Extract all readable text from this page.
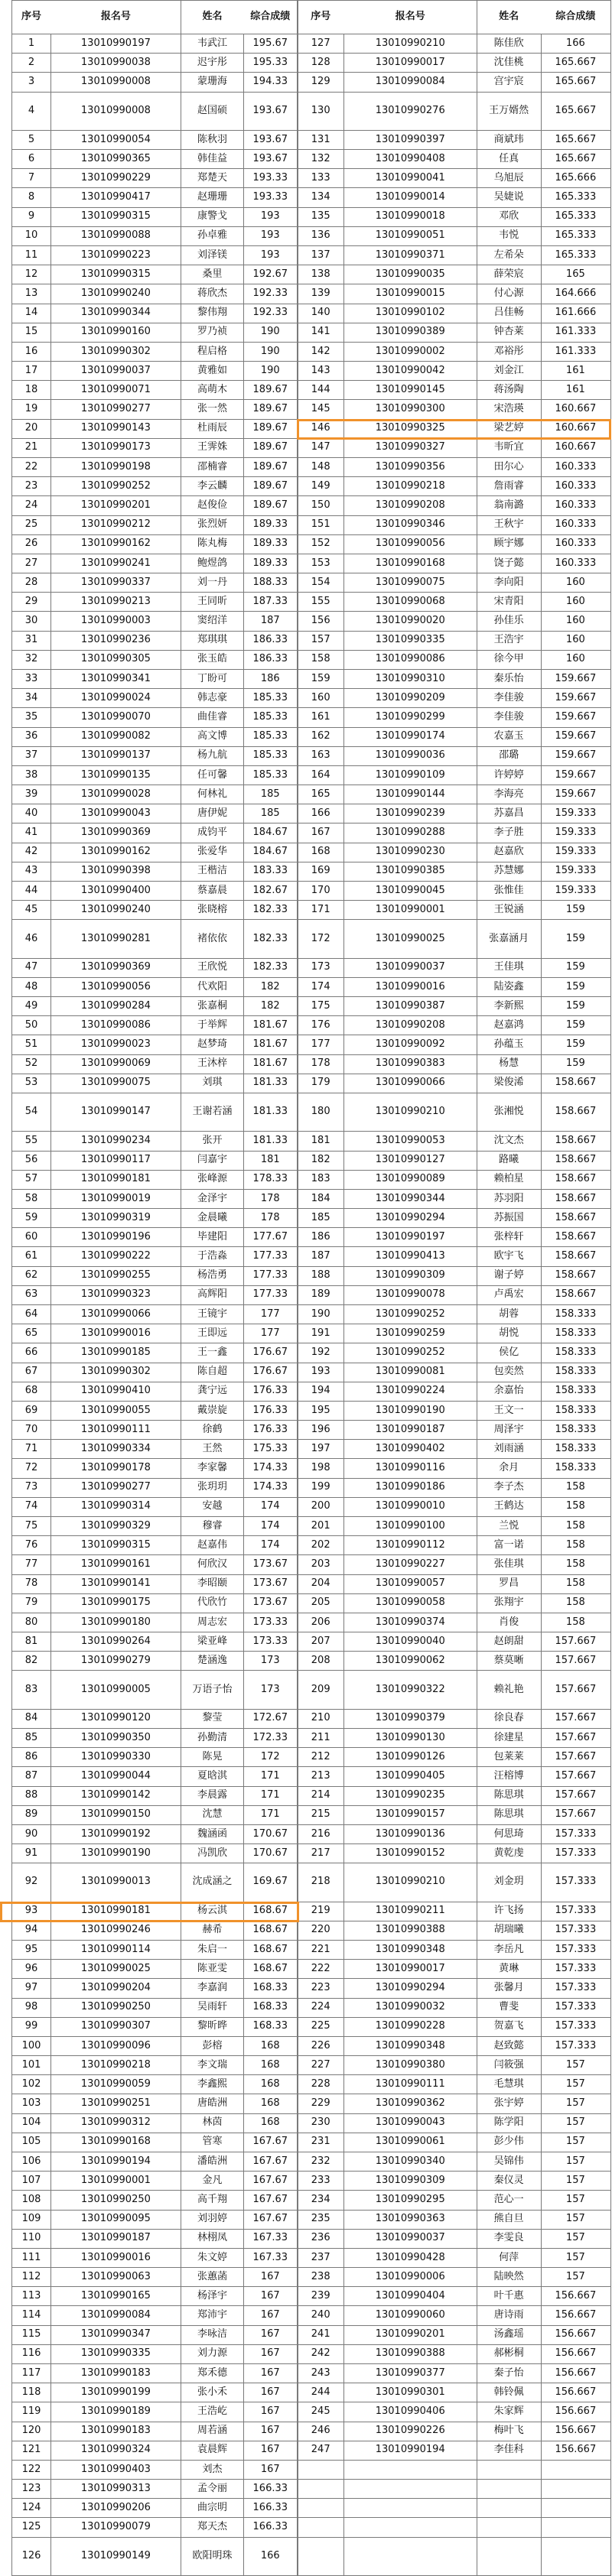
序号	报名号	姓名	综合成绩	序号	报名号	姓名	综合成绩
1	13010990197	韦武江	195.67	127	13010990210	陈佳欣	166
2	13010990038	迟宇彤	195.33	128	13010990017	沈佳桃	165.667
3	13010990008	蒙珊海	194.33	129	13010990084	宫宇宸	165.667
4	13010990008	赵国硕	193.67	130	13010990276	王万婿然	165.667
5	13010990054	陈秋羽	193.67	131	13010990397	商斌玮	165.667
6	13010990365	韩佳益	193.67	132	13010990408	任真	165.667
7	13010990229	郑楚天	193.33	133	13010990041	乌旭辰	165.666
8	13010990417	赵珊珊	193.33	134	13010990014	吴婕说	165.333
9	13010990315	康警戈	193	135	13010990018	邓欣	165.333
10	13010990088	孙卓雅	193	136	13010990051	韦悦	165.333
11	13010990223	刘泽镁	193	137	13010990371	左希朵	165.333
12	13010990315	桑里	192.67	138	13010990035	薛荣宸	165
13	13010990240	蒋欣杰	192.33	139	13010990015	付心源	164.666
14	13010990344	黎伟翔	192.33	140	13010990102	吕佳畅	161.666
15	13010990160	罗乃祯	190	141	13010990389	钟杏莱	161.333
16	13010990302	程启格	190	142	13010990002	邓裕彤	161.333
17	13010990037	黄雅如	190	143	13010990042	刘金江	161
18	13010990071	高萌木	189.67	144	13010990145	蒋汤陶	161
19	13010990277	张一然	189.67	145	13010990300	宋浩瑛	160.667
20	13010990143	杜雨辰	189.67	146	13010990325	梁艺婷	160.667
21	13010990173	王霁姝	189.67	147	13010990327	韦昕宜	160.667
22	13010990198	邵楠睿	189.67	148	13010990356	田尔心	160.333
23	13010990252	李云麟	189.67	149	13010990218	詹雨睿	160.333
24	13010990201	赵俊俭	189.67	150	13010990208	翁南潞	160.333
25	13010990212	张烈妍	189.33	151	13010990346	王秋宇	160.333
26	13010990162	陈丸梅	189.33	152	13010990056	顾宇娜	160.333
27	13010990241	鲍煜鸽	189.33	153	13010990168	饶子懿	160.333
28	13010990337	刘一丹	188.33	154	13010990075	李向阳	160
29	13010990213	王同昕	187.33	155	13010990068	宋青阳	160
30	13010990003	窦绍洋	187	156	13010990020	孙佳乐	160
31	13010990236	郑琪琪	186.33	157	13010990335	王浩宇	160
32	13010990305	张玉皓	186.33	158	13010990086	徐今甲	160
33	13010990341	丁盼可	186	159	13010990310	秦乐怡	159.667
34	13010990024	韩志豪	185.33	160	13010990209	李佳骏	159.667
35	13010990070	曲佳睿	185.33	161	13010990299	李佳骏	159.667
36	13010990082	高文博	185.33	162	13010990174	农嘉玉	159.667
37	13010990137	杨九航	185.33	163	13010990036	邵璐	159.667
38	13010990135	任可馨	185.33	164	13010990109	许婷婷	159.667
39	13010990028	何林礼	185	165	13010990144	李海亮	159.667
40	13010990043	唐伊妮	185	166	13010990239	苏嘉昌	159.333
41	13010990369	成钧平	184.67	167	13010990288	李子胜	159.333
42	13010990162	张爱华	184.67	168	13010990230	赵嘉欣	159.333
43	13010990398	王楷洁	183.33	169	13010990385	苏慧娜	159.333
44	13010990400	蔡嘉晨	182.67	170	13010990045	张惟佳	159.333
45	13010990240	张晓榕	182.33	171	13010990001	王锐涵	159
46	13010990281	褚依依	182.33	172	13010990025	张嘉涵月	159
47	13010990369	王欣悦	182.33	173	13010990037	王佳琪	159
48	13010990056	代欢阳	182	174	13010990016	陆姿鑫	159
49	13010990284	张嘉桐	182	175	13010990387	李新熙	159
50	13010990086	于举辉	181.67	176	13010990208	赵嘉鸿	159
51	13010990023	赵梦琦	181.67	177	13010990092	孙蕴玉	159
52	13010990069	王沐梓	181.67	178	13010990383	杨慧	159
53	13010990075	刘琪	181.33	179	13010990066	梁俊浠	158.667
54	13010990147	王谢若涵	181.33	180	13010990210	张湘悦	158.667
55	13010990234	张开	181.33	181	13010990053	沈文杰	158.667
56	13010990117	闫嘉宇	181	182	13010990127	路曦	158.667
57	13010990181	张峰源	178.33	183	13010990089	赖柏星	158.667
58	13010990019	金泽宇	178	184	13010990344	苏羽阳	158.667
59	13010990319	金晨曦	178	185	13010990294	苏振国	158.667
60	13010990196	毕建阳	177.67	186	13010990197	张梓轩	158.667
61	13010990222	于浩淼	177.33	187	13010990413	欧宇飞	158.667
62	13010990255	杨浩勇	177.33	188	13010990309	谢子婷	158.667
63	13010990323	高辉阳	177.33	189	13010990078	卢禹宏	158.667
64	13010990066	王镜宇	177	190	13010990252	胡蓉	158.333
65	13010990016	王即远	177	191	13010990259	胡悦	158.333
66	13010990185	王一鑫	176.67	192	13010990252	侯亿	158.333
67	13010990302	陈自超	176.67	193	13010990081	包奕然	158.333
68	13010990410	龚宁远	176.33	194	13010990224	余嘉怡	158.333
69	13010990055	戴崇旋	176.33	195	13010990190	王文一	158.333
70	13010990111	徐鹤	176.33	196	13010990187	周泽宇	158.333
71	13010990334	王然	175.33	197	13010990402	刘雨涵	158.333
72	13010990178	李家馨	174.33	198	13010990116	余月	158.333
73	13010990277	张玥玥	174.33	199	13010990186	李子杰	158
74	13010990314	安越	174	200	13010990010	王鹤达	158
75	13010990329	穆睿	174	201	13010990100	兰悦	158
76	13010990315	赵嘉伟	174	202	13010990112	富一诺	158
77	13010990161	何欣汉	173.67	203	13010990227	张佳琪	158
78	13010990141	李昭颐	173.67	204	13010990057	罗昌	158
79	13010990175	代欣竹	173.67	205	13010990058	张翔宇	158
80	13010990180	周志宏	173.33	206	13010990374	肖俊	158
81	13010990264	梁亚峰	173.33	207	13010990040	赵朗甜	157.667
82	13010990279	楚涵逸	173	208	13010990062	蔡莫晰	157.667
83	13010990005	万语子怡	173	209	13010990322	赖礼艳	157.667
84	13010990120	黎莹	172.67	210	13010990379	徐良春	157.667
85	13010990350	孙勤清	172.33	211	13010990130	徐建星	157.667
86	13010990330	陈晃	172	212	13010990126	包莱莱	157.667
87	13010990044	夏晗淇	171	213	13010990405	汪榕博	157.667
88	13010990142	李晨露	171	214	13010990235	陈思琪	157.667
89	13010990150	沈慧	171	215	13010990157	陈思琪	157.667
90	13010990192	魏涵函	170.67	216	13010990136	何思琦	157.333
91	13010990190	冯凯欣	170.67	217	13010990152	黄乾虔	157.333
92	13010990013	沈成涵之	169.67	218	13010990210	刘金玥	157.333
93	13010990181	杨云淇	168.67	219	13010990211	许飞扬	157.333
94	13010990246	赫希	168.67	220	13010990388	胡瑞曦	157.333
95	13010990114	朱启一	168.67	221	13010990348	李岳凡	157.333
96	13010990025	陈亚雯	168.67	222	13010990017	黄琳	157.333
97	13010990204	李嘉润	168.33	223	13010990294	张馨月	157.333
98	13010990250	吴雨轩	168.33	224	13010990032	曹斐	157.333
99	13010990307	黎昕晔	168.33	225	13010990228	贺嘉飞	157.333
100	13010990096	彭榕	168	226	13010990348	赵致懿	157.333
101	13010990218	李文瑞	168	227	13010990380	闫筱强	157
102	13010990059	李鑫熙	168	228	13010990111	毛慧琪	157
103	13010990251	唐皓洲	168	229	13010990362	张宇婷	157
104	13010990312	林茵	168	230	13010990043	陈学阳	157
105	13010990168	管寒	167.67	231	13010990061	彭少伟	157
106	13010990194	潘皓洲	167.67	232	13010990340	吴锦伟	157
107	13010990001	金凡	167.67	233	13010990309	秦仪灵	157
108	13010990250	高千翔	167.67	234	13010990295	范心一	157
109	13010990095	刘羽婷	167.67	235	13010990363	熊自旦	157
110	13010990187	林栩凤	167.33	236	13010990037	李雯良	157
111	13010990016	朱文婷	167.33	237	13010990428	何萍	157
112	13010990063	张蕙菡	167	238	13010990006	陆映然	157
113	13010990165	杨泽宇	167	239	13010990404	叶千惠	156.667
114	13010990084	郑沛宇	167	240	13010990060	唐诗雨	156.667
115	13010990347	李咏洁	167	241	13010990201	汤鑫瑶	156.667
116	13010990335	刘力源	167	242	13010990388	郝彬桐	156.667
117	13010990183	郑禾德	167	243	13010990377	秦子怡	156.667
118	13010990199	张小禾	167	244	13010990301	韩铃佩	156.667
119	13010990189	王浩屹	167	245	13010990406	朱家辉	156.667
120	13010990183	周若涵	167	246	13010990226	梅叶飞	156.667
121	13010990324	袁晨辉	167	247	13010990194	李佳科	156.667
122	13010990403	刘杰	167
123	13010990313	孟令丽	166.33
124	13010990206	曲宗明	166.33
125	13010990079	郑天杰	166.33
126	13010990149	欧阳明珠	166
